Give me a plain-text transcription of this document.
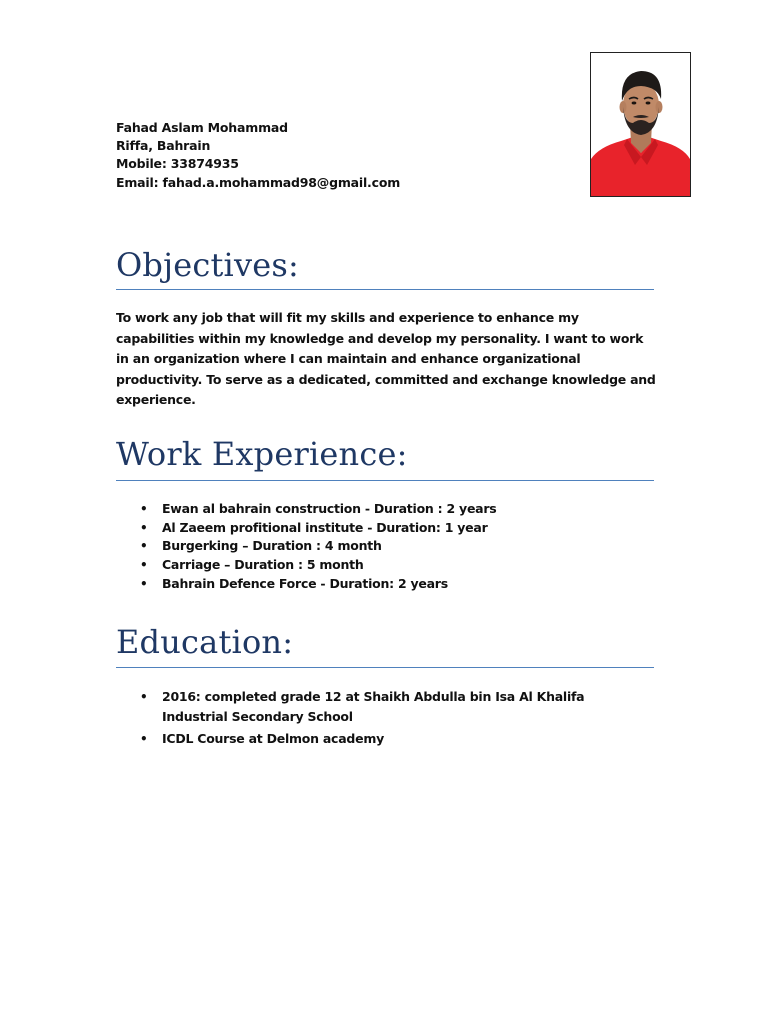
Fahad Aslam Mohammad
Riffa, Bahrain
Mobile: 33874935
Email: fahad.a.mohammad98@gmail.com
Objectives:
To work any job that will fit my skills and experience to enhance my capabilities within my knowledge and develop my personality. I want to work in an organization where I can maintain and enhance organizational productivity. To serve as a dedicated, committed and exchange knowledge and experience.
Work Experience:
• Ewan al bahrain construction - Duration : 2 years
• Al Zaeem profitional institute - Duration: 1 year
• Burgerking – Duration : 4 month
• Carriage – Duration : 5 month
• Bahrain Defence Force - Duration: 2 years
Education:
• 2016: completed grade 12 at Shaikh Abdulla bin Isa Al Khalifa Industrial Secondary School
• ICDL Course at Delmon academy
